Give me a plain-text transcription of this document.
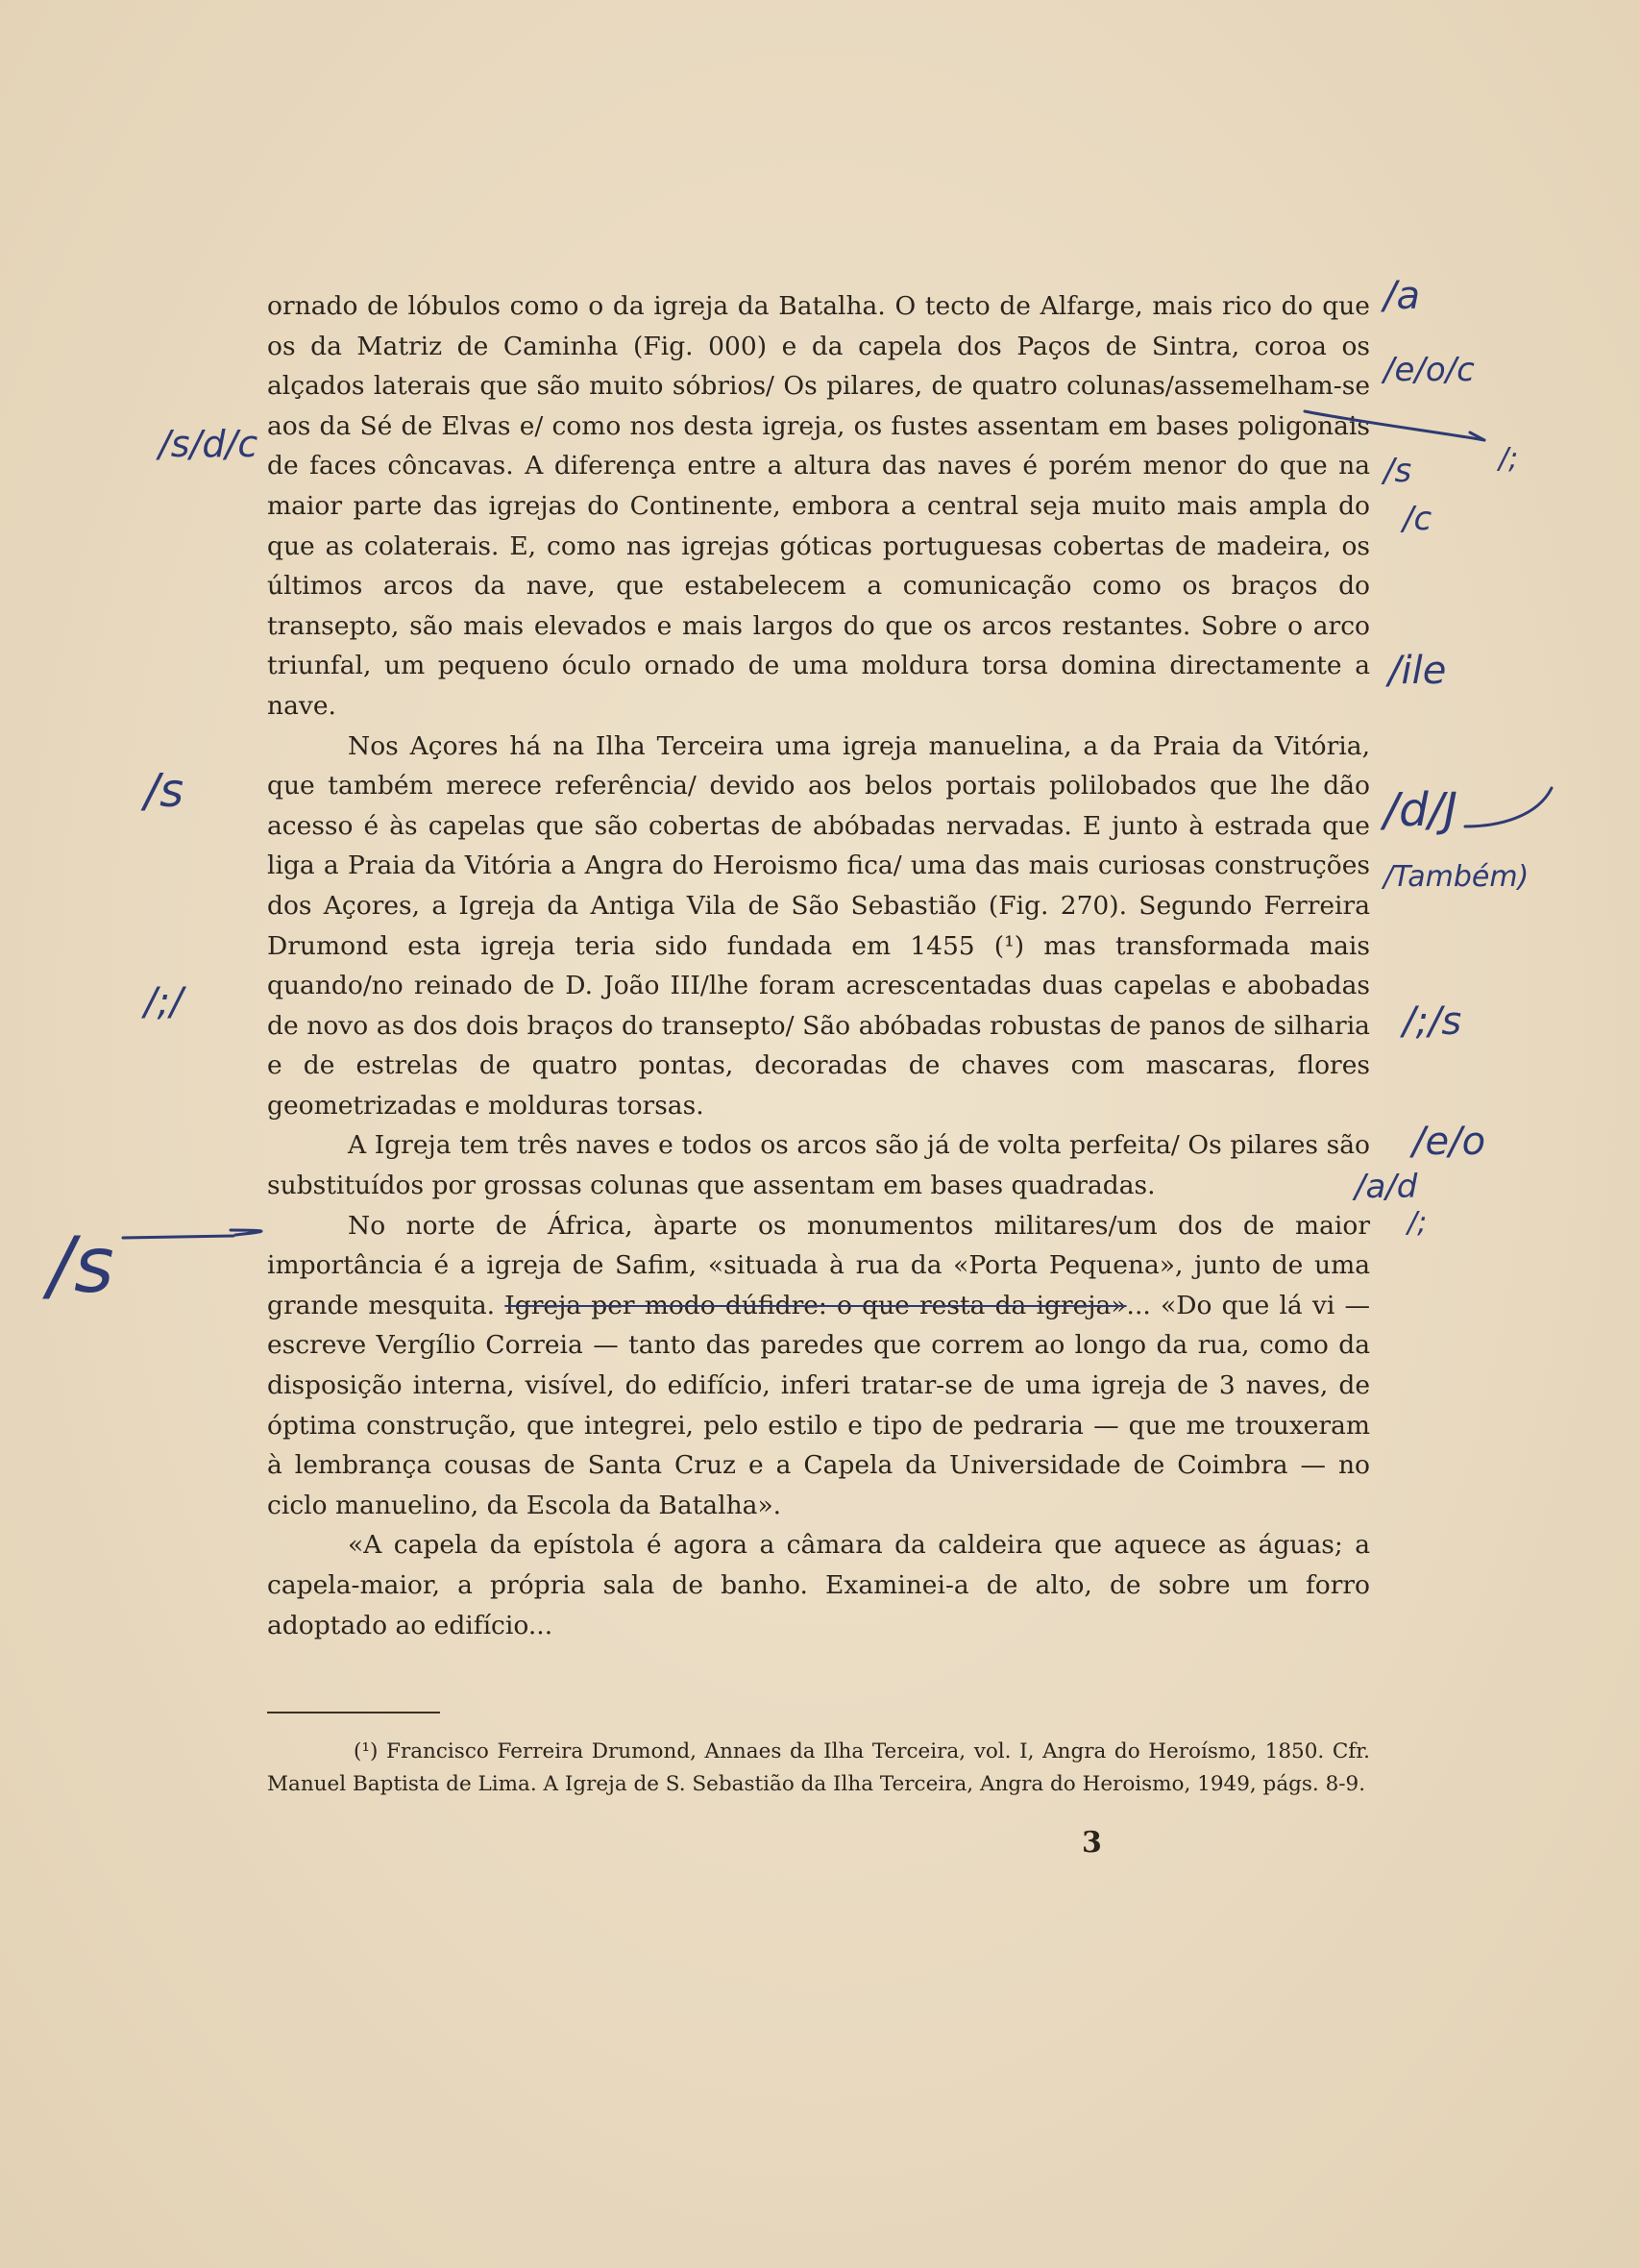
ornado de lóbulos como o da igreja da Batalha. O tecto de Alfarge, mais rico do que os da Matriz de Caminha (Fig. 000) e da capela dos Paços de Sintra, coroa os alçados laterais que são muito sóbrios/ Os pilares, de quatro colunas/assemelham-se aos da Sé de Elvas e/ como nos desta igreja, os fustes assentam em bases poligonais de faces côncavas. A diferença entre a altura das naves é porém menor do que na maior parte das igrejas do Continente, embora a central seja muito mais ampla do que as colaterais. E, como nas igrejas góticas portuguesas cobertas de madeira, os últimos arcos da nave, que estabelecem a comunicação como os braços do transepto, são mais elevados e mais largos do que os arcos restantes. Sobre o arco triunfal, um pequeno óculo ornado de uma moldura torsa domina directamente a nave.

Nos Açores há na Ilha Terceira uma igreja manuelina, a da Praia da Vitória, que também merece referência/ devido aos belos portais polilobados que lhe dão acesso é às capelas que são cobertas de abóbadas nervadas. E junto à estrada que liga a Praia da Vitória a Angra do Heroismo fica/ uma das mais curiosas construções dos Açores, a Igreja da Antiga Vila de São Sebastião (Fig. 270). Segundo Ferreira Drumond esta igreja teria sido fundada em 1455 (¹) mas transformada mais quando/no reinado de D. João III/lhe foram acrescentadas duas capelas e abobadas de novo as dos dois braços do transepto/ São abóbadas robustas de panos de silharia e de estrelas de quatro pontas, decoradas de chaves com mascaras, flores geometrizadas e molduras torsas.

A Igreja tem três naves e todos os arcos são já de volta perfeita/ Os pilares são substituídos por grossas colunas que assentam em bases quadradas.

No norte de África, àparte os monumentos militares/um dos de maior importância é a igreja de Safim, «situada à rua da «Porta Pequena», junto de uma grande mesquita. Igreja per modo dúfidre: o que resta da igreja»... «Do que lá vi — escreve Vergílio Correia — tanto das paredes que correm ao longo da rua, como da disposição interna, visível, do edifício, inferi tratar-se de uma igreja de 3 naves, de óptima construção, que integrei, pelo estilo e tipo de pedraria — que me trouxeram à lembrança cousas de Santa Cruz e a Capela da Universidade de Coimbra — no ciclo manuelino, da Escola da Batalha».

«A capela da epístola é agora a câmara da caldeira que aquece as águas; a capela-maior, a própria sala de banho. Examinei-a de alto, de sobre um forro adoptado ao edifício...

(¹) Francisco Ferreira Drumond, Annaes da Ilha Terceira, vol. I, Angra do Heroísmo, 1850. Cfr. Manuel Baptista de Lima. A Igreja de S. Sebastião da Ilha Terceira, Angra do Heroismo, 1949, págs. 8-9.
3
/a
/e/o/c
/s	/;
/c
/ile
/d/J
/Também)
/;/s
/e/o
/a/d
/;
/s/d/c
/s
/;/
/s
